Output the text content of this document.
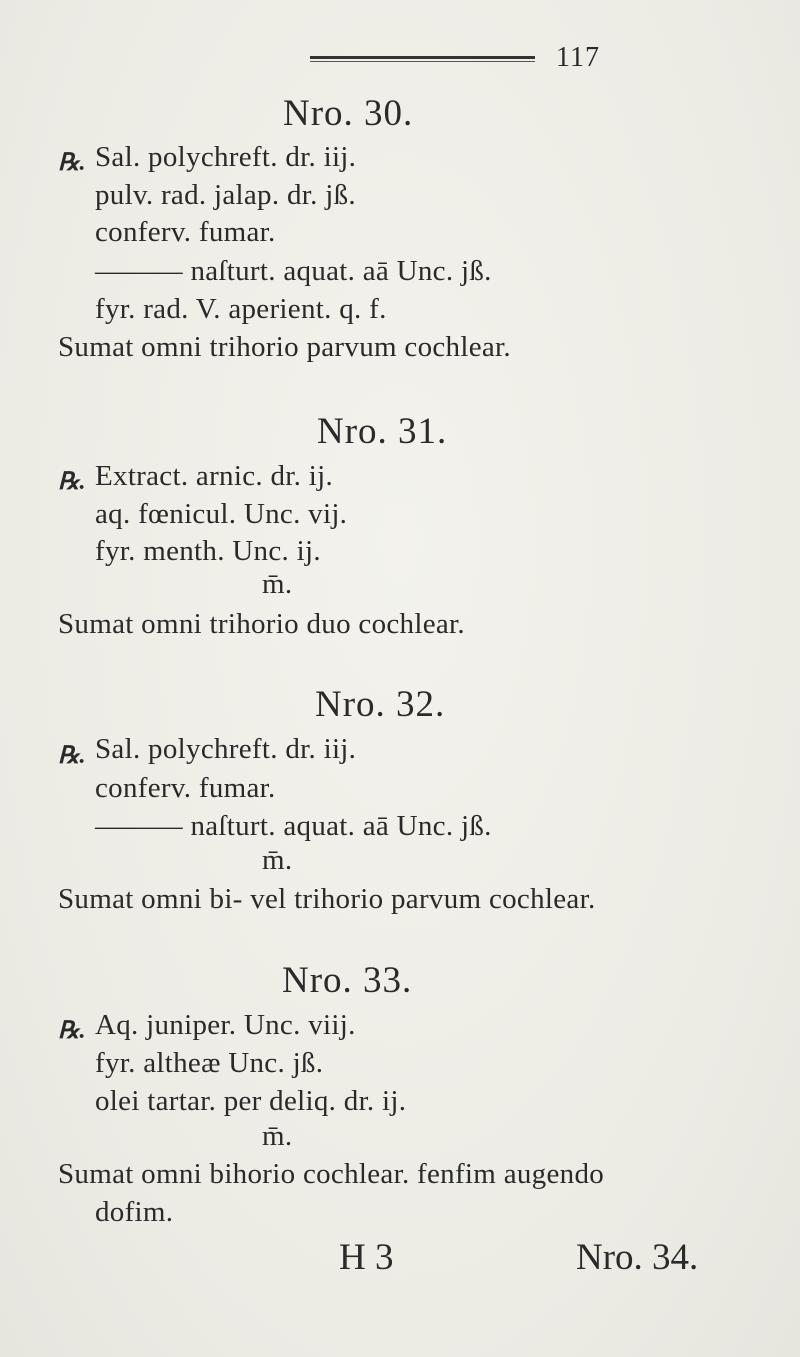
117
Nro. 30.
℞. Sal. polychreft. dr. iij.
pulv. rad. jalap. dr. jß.
conferv. fumar.
——— naſturt. aquat. aā Unc. jß.
fyr. rad. V. aperient. q. f.
Sumat omni trihorio parvum cochlear.
Nro. 31.
℞. Extract. arnic. dr. ij.
aq. fœnicul. Unc. vij.
fyr. menth. Unc. ij.
m̄.
Sumat omni trihorio duo cochlear.
Nro. 32.
℞. Sal. polychreft. dr. iij.
conferv. fumar.
——— naſturt. aquat. aā Unc. jß.
m̄.
Sumat omni bi- vel trihorio parvum cochlear.
Nro. 33.
℞. Aq. juniper. Unc. viij.
fyr. altheæ Unc. jß.
olei tartar. per deliq. dr. ij.
m̄.
Sumat omni bihorio cochlear. fenfim augendo
dofim.
H 3	Nro. 34.
